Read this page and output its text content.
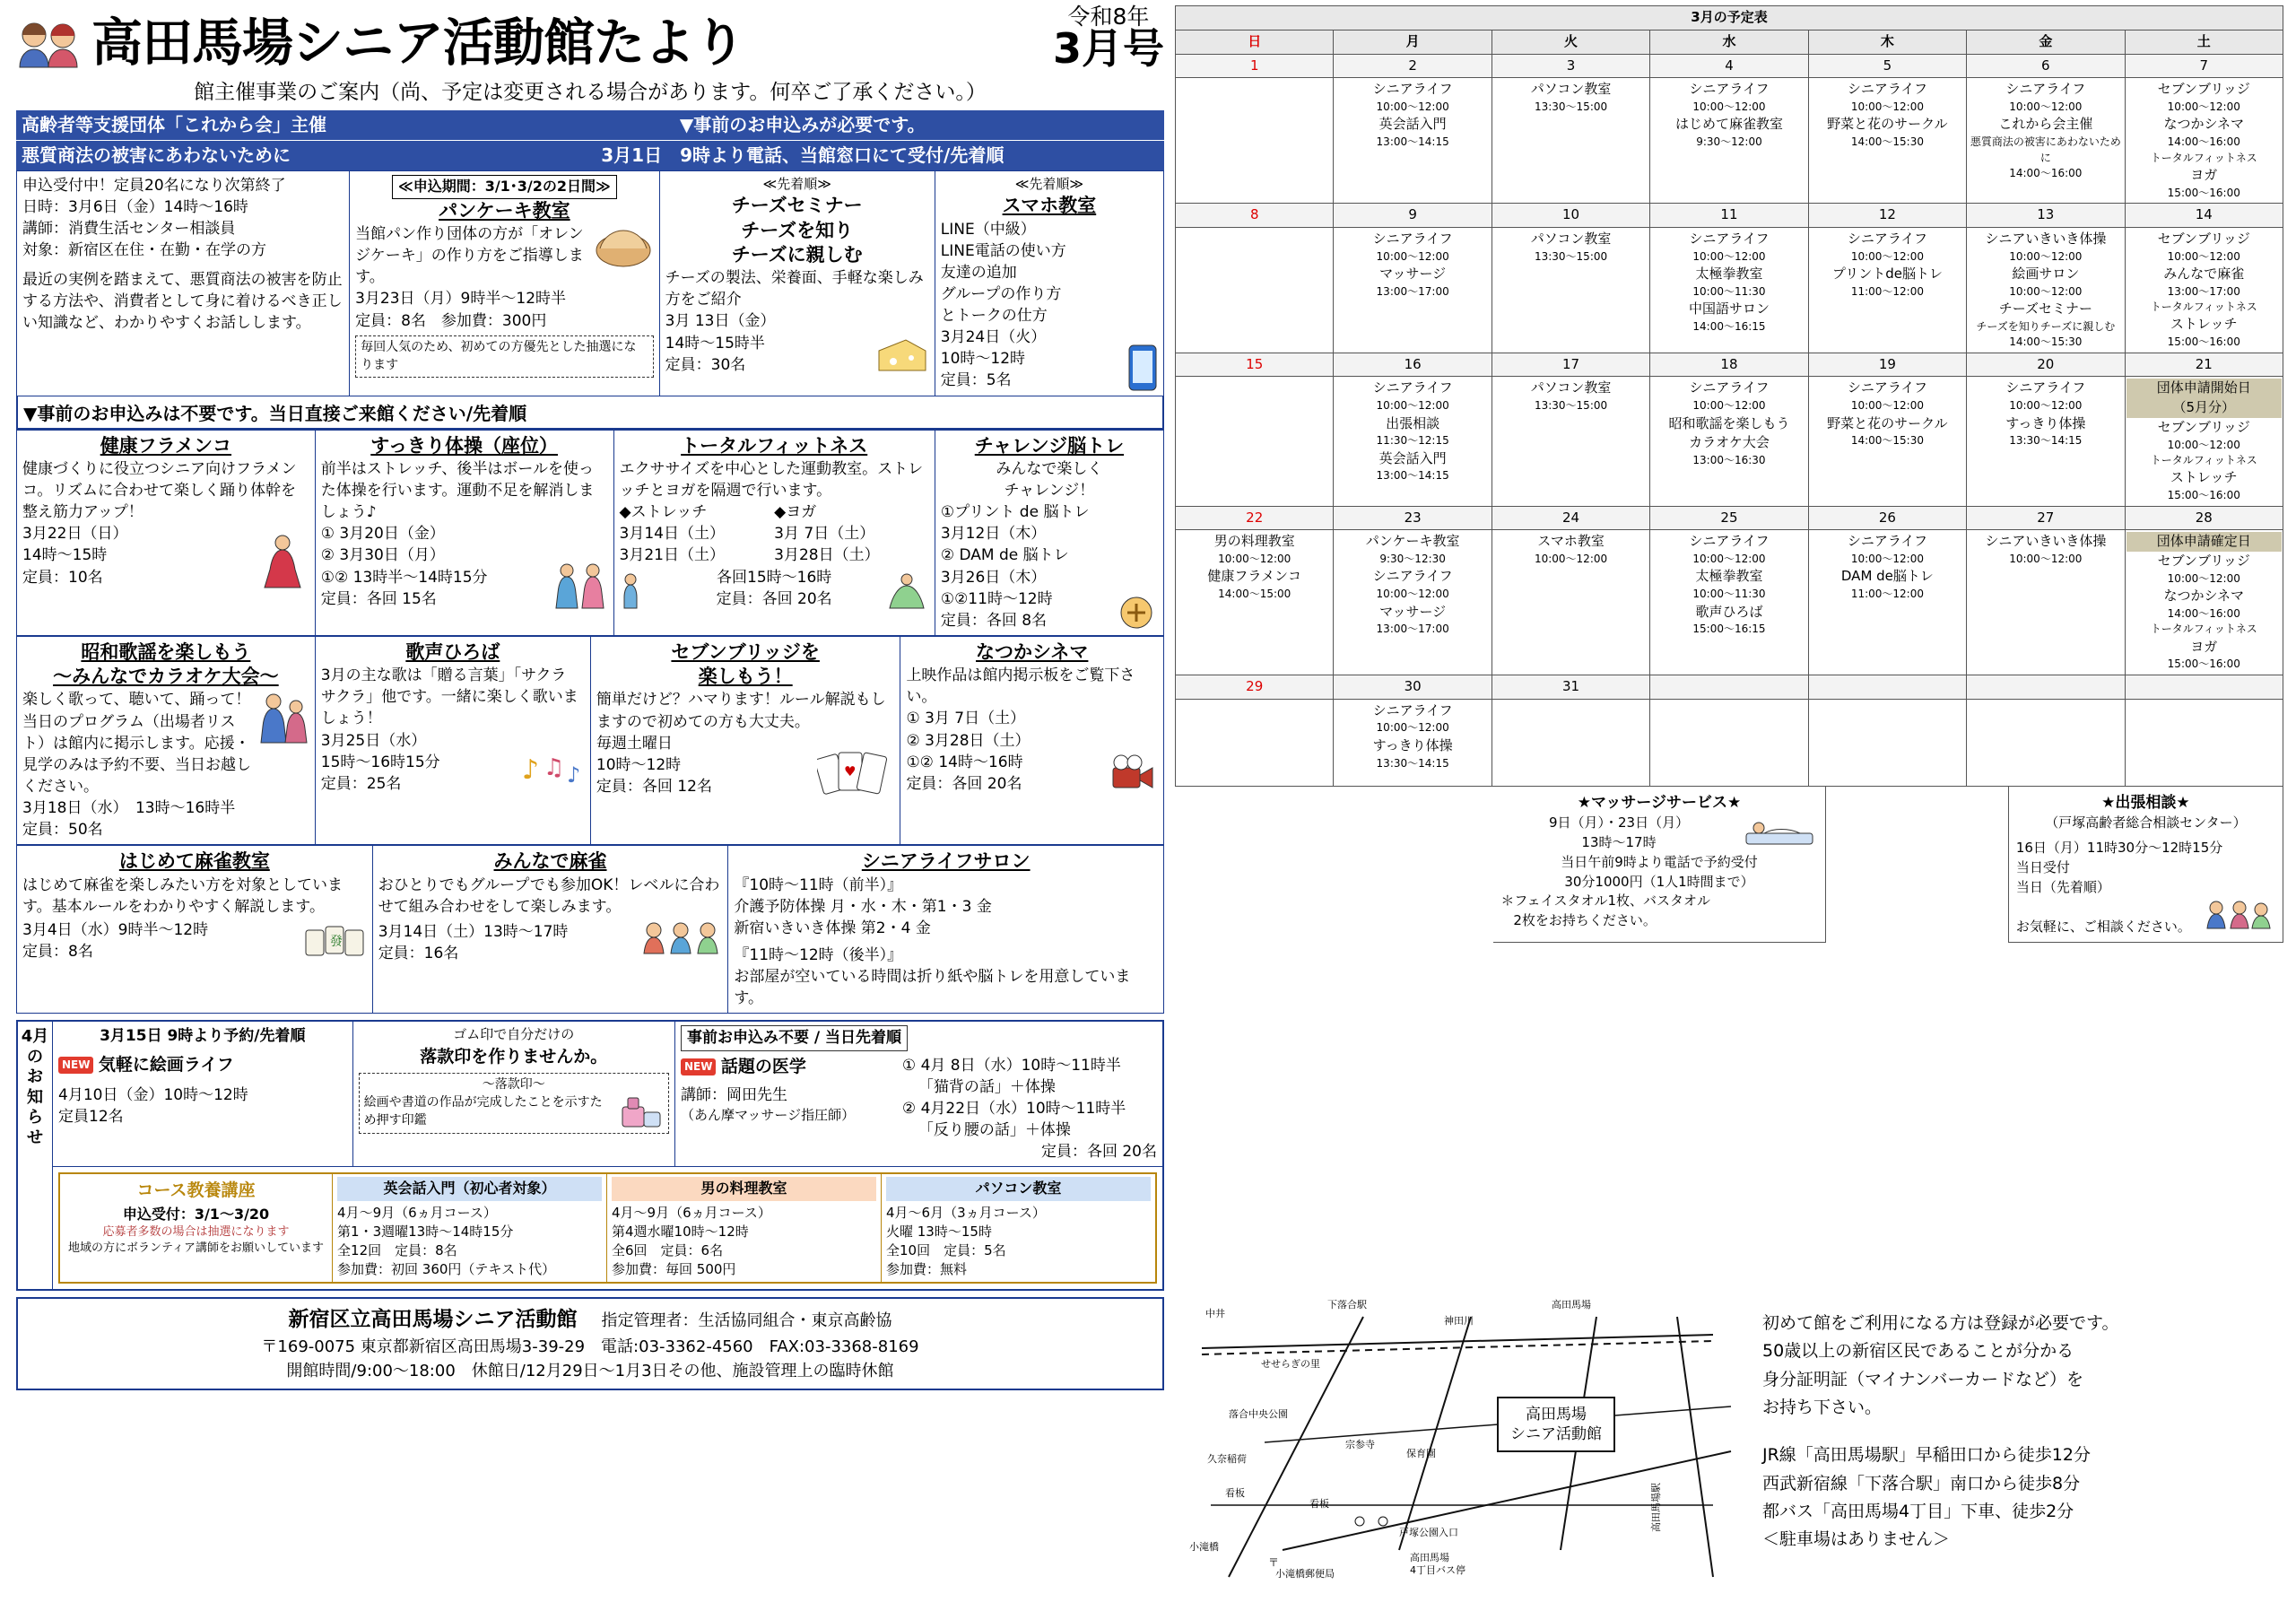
高田馬場シニア活動館たより	令和8年
3月号
館主催事業のご案内（尚、予定は変更される場合があります。何卒ご了承ください。）
高齢者等支援団体「これから会」主催
悪質商法の被害にあわないために

▼事前のお申込みが必要です。
3月1日　9時より電話、当館窓口にて受付/先着順
申込受付中！定員20名になり次第終了
日時：3月6日（金）14時～16時
講師：消費生活センター相談員
対象：新宿区在住・在勤・在学の方
最近の実例を踏まえて、悪質商法の被害を防止する方法や、消費者として身に着けるべき正しい知識など、わかりやすくお話しします。

≪申込期間：3/1･3/2の2日間≫
パンケーキ教室
当館パン作り団体の方が「オレンジケーキ」の作り方をご指導します。
3月23日（月）9時半～12時半
定員：8名　参加費：300円
毎回人気のため、初めての方優先とした抽選になります

≪先着順≫
チーズセミナー
チーズを知り
チーズに親しむ
チーズの製法、栄養面、手軽な楽しみ方をご紹介
3月 13日（金）
14時～15時半
定員：30名

≪先着順≫
スマホ教室
LINE（中級）
LINE電話の使い方
友達の追加
グループの作り方
とトークの仕方
3月24日（火）
10時～12時
定員：5名
▼事前のお申込みは不要です。当日直接ご来館ください/先着順
健康フラメンコ
健康づくりに役立つシニア向けフラメンコ。リズムに合わせて楽しく踊り体幹を整え筋力アップ！
3月22日（日）
14時～15時
定員：10名

すっきり体操（座位）
前半はストレッチ、後半はボールを使った体操を行います。運動不足を解消しましょう♪
① 3月20日（金）
② 3月30日（月）
①② 13時半～14時15分
定員：各回 15名

トータルフィットネス
エクササイズを中心とした運動教室。ストレッチとヨガを隔週で行います。
◆ストレッチ	◆ヨガ
3月14日（土）	3月 7日（土）
3月21日（土）	3月28日（土）
各回15時～16時
定員：各回 20名

チャレンジ脳トレ
みんなで楽しく
チャレンジ！
①プリント de 脳トレ
3月12日（木）
② DAM de 脳トレ
3月26日（木）
①②11時～12時
定員：各回 8名
昭和歌謡を楽しもう
～みんなでカラオケ大会～
楽しく歌って、聴いて、踊って！当日のプログラム（出場者リスト）は館内に掲示します。応援・見学のみは予約不要、当日お越しください。
3月18日（水）　13時～16時半
定員：50名

歌声ひろば
3月の主な歌は「贈る言葉」「サクラ サクラ」他です。一緒に楽しく歌いましょう！
3月25日（水）
15時～16時15分
定員：25名	♪ ♫ ♪

セブンブリッジを
楽しもう！
簡単だけど？ハマります！ルール解説もしますので初めての方も大丈夫。
毎週土曜日
10時～12時
定員：各回 12名
♥

なつかシネマ
上映作品は館内掲示板をご覧下さい。
① 3月 7日（土）
② 3月28日（土）
①② 14時～16時
定員：各回 20名
はじめて麻雀教室
はじめて麻雀を楽しみたい方を対象としています。基本ルールをわかりやすく解説します。
3月4日（水）9時半～12時
定員：8名
發

みんなで麻雀
おひとりでもグループでも参加OK！レベルに合わせて組み合わせをして楽しみます。
3月14日（土）13時～17時
定員：16名

シニアライフサロン
『10時～11時（前半）』
介護予防体操 月・水・木・第1・3 金
新宿いきいき体操 第2・4 金
『11時～12時（後半）』
お部屋が空いている時間は折り紙や脳トレを用意しています。
4月のお知らせ
3月15日 9時より予約/先着順
NEW 気軽に絵画ライフ
4月10日（金）10時～12時
定員12名

ゴム印で自分だけの
落款印を作りませんか。
～落款印～
絵画や書道の作品が完成したことを示すため押す印鑑
	事前お申込み不要 / 当日先着順
NEW 話題の医学
講師：岡田先生
（あん摩マッサージ指圧師）
① 4月 8日（水）10時～11時半
「猫背の話」＋体操
② 4月22日（水）10時～11時半
「反り腰の話」＋体操
定員：各回 20名
コース教養講座
申込受付：3/1～3/20
応募者多数の場合は抽選になります
地域の方にボランティア講師をお願いしています
英会話入門（初心者対象）
4月～9月（6ヵ月コース）
第1・3週曜13時～14時15分
全12回　定員：8名
参加費：初回 360円（テキスト代）
男の料理教室
4月～9月（6ヵ月コース）
第4週水曜10時～12時
全6回　定員：6名
参加費：毎回 500円
パソコン教室
4月～6月（3ヵ月コース）
火曜 13時～15時
全10回　定員：5名
参加費：無料
新宿区立高田馬場シニア活動館 指定管理者：生活協同組合・東京高齢協
〒169-0075 東京都新宿区高田馬場3-39-29　電話:03-3362-4560　FAX:03-3368-8169
開館時間/9:00～18:00　休館日/12月29日～1月3日その他、施設管理上の臨時休館
3月の予定表						
日	月	火	水	木	金	土
1	2	3	4	5	6	7

シニアライフ
10:00～12:00
英会話入門
13:00～14:15

パソコン教室
13:30～15:00

シニアライフ
10:00～12:00
はじめて麻雀教室
9:30～12:00

シニアライフ
10:00～12:00
野菜と花のサークル
14:00～15:30

シニアライフ
10:00～12:00
これから会主催
悪質商法の被害にあわないために
14:00～16:00

セブンブリッジ
10:00～12:00
なつかシネマ
14:00～16:00
トータルフィットネス
ヨガ
15:00～16:00

8	9	10	11	12	13	14

シニアライフ
10:00～12:00
マッサージ
13:00～17:00

パソコン教室
13:30～15:00

シニアライフ
10:00～12:00
太極拳教室
10:00～11:30
中国語サロン
14:00～16:15

シニアライフ
10:00～12:00
プリントde脳トレ
11:00～12:00

シニアいきいき体操
10:00～12:00
絵画サロン
10:00～12:00
チーズセミナー
チーズを知りチーズに親しむ
14:00～15:30

セブンブリッジ
10:00～12:00
みんなで麻雀
13:00～17:00
トータルフィットネス
ストレッチ
15:00～16:00

15	16	17	18	19	20	21

シニアライフ
10:00～12:00
出張相談
11:30～12:15
英会話入門
13:00～14:15

パソコン教室
13:30～15:00

シニアライフ
10:00～12:00
昭和歌謡を楽しもう
カラオケ大会
13:00～16:30

シニアライフ
10:00～12:00
野菜と花のサークル
14:00～15:30

シニアライフ
10:00～12:00
すっきり体操
13:30～14:15

団体申請開始日
（5月分）
セブンブリッジ
10:00～12:00
トータルフィットネス
ストレッチ
15:00～16:00

22	23	24	25	26	27	28

男の料理教室
10:00～12:00
健康フラメンコ
14:00～15:00

パンケーキ教室
9:30～12:30
シニアライフ
10:00～12:00
マッサージ
13:00～17:00

スマホ教室
10:00～12:00

シニアライフ
10:00～12:00
太極拳教室
10:00～11:30
歌声ひろば
15:00～16:15

シニアライフ
10:00～12:00
DAM de脳トレ
11:00～12:00

シニアいきいき体操
10:00～12:00

団体申請確定日
セブンブリッジ
10:00～12:00
なつかシネマ
14:00～16:00
トータルフィットネス
ヨガ
15:00～16:00

29	30	31				

	シニアライフ
10:00～12:00
すっきり体操
13:30～14:15					

★マッサージサービス★
9日（月）・23日（月）
13時～17時
当日午前9時より電話で予約受付
30分1000円（1人1時間まで）
＊フェイスタオル1枚、バスタオル
2枚をお持ちください。

★出張相談★
（戸塚高齢者総合相談センター）
16日（月）11時30分～12時15分
当日受付
当日（先着順）
お気軽に、ご相談ください。
高田馬場
シニア活動館
中井
下落合駅
神田川
高田馬場
せせらぎの里
落合中央公園
久奈稲荷
宗参寺
保育園
看板
看板
小滝橋
小滝橋郵便局
戸塚公園入口
高田馬場駅
高田馬場
4丁目バス停
〒
初めて館をご利用になる方は登録が必要です。
50歳以上の新宿区民であることが分かる
身分証明証（マイナンバーカードなど）を
お持ち下さい。
JR線「高田馬場駅」早稲田口から徒歩12分
西武新宿線「下落合駅」南口から徒歩8分
都バス「高田馬場4丁目」下車、徒歩2分
＜駐車場はありません＞
